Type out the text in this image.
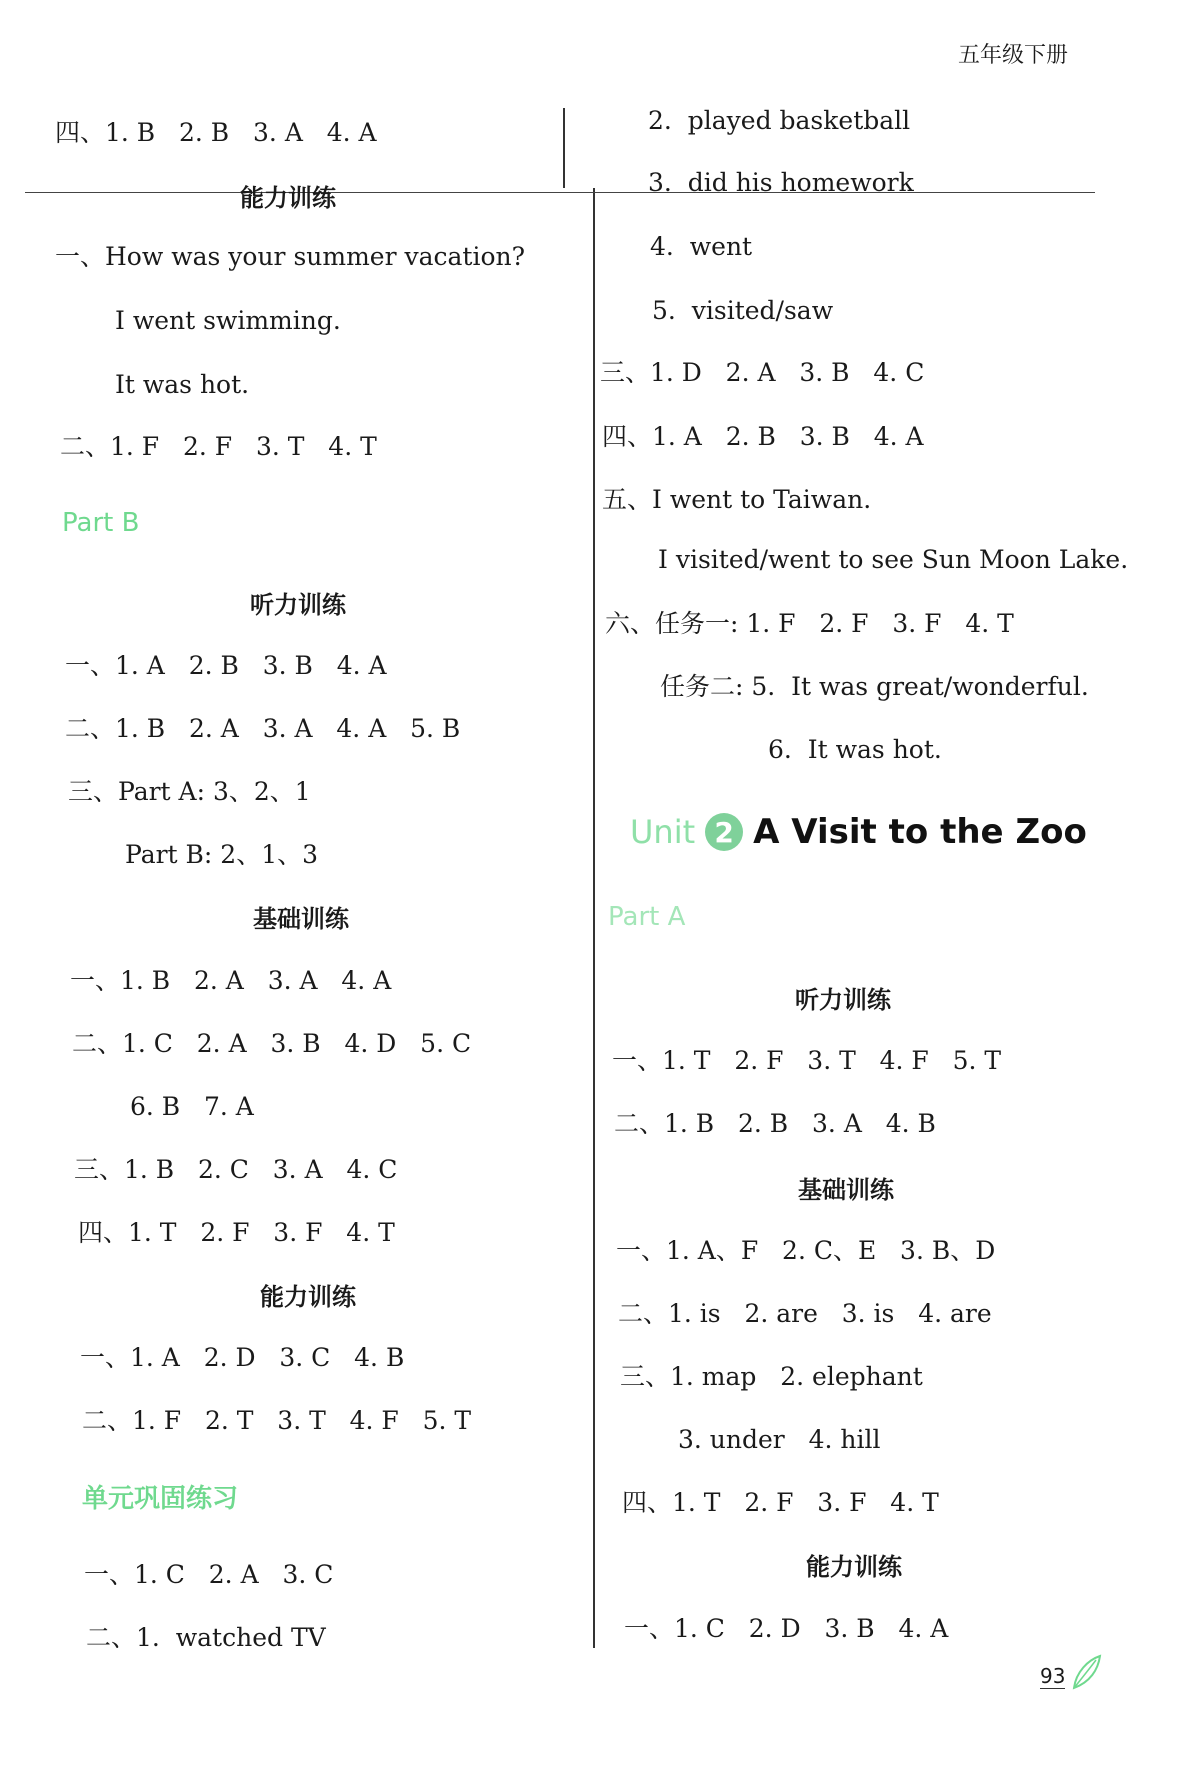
五年级下册
四、1. B   2. B   3. A   4. A
能力训练
一、How was your summer vacation?
I went swimming.
It was hot.
二、1. F   2. F   3. T   4. T
Part B
听力训练
一、1. A   2. B   3. B   4. A
二、1. B   2. A   3. A   4. A   5. B
三、Part A: 3、2、1
Part B: 2、1、3
基础训练
一、1. B   2. A   3. A   4. A
二、1. C   2. A   3. B   4. D   5. C
6. B   7. A
三、1. B   2. C   3. A   4. C
四、1. T   2. F   3. F   4. T
能力训练
一、1. A   2. D   3. C   4. B
二、1. F   2. T   3. T   4. F   5. T
单元巩固练习
一、1. C   2. A   3. C
二、1.  watched TV
2.  played basketball
3.  did his homework
4.  went
5.  visited/saw
三、1. D   2. A   3. B   4. C
四、1. A   2. B   3. B   4. A
五、I went to Taiwan.
I visited/went to see Sun Moon Lake.
六、任务一: 1. F   2. F   3. F   4. T
任务二: 5.  It was great/wonderful.
6.  It was hot.
Unit 2 A Visit to the Zoo
Part A
听力训练
一、1. T   2. F   3. T   4. F   5. T
二、1. B   2. B   3. A   4. B
基础训练
一、1. A、F   2. C、E   3. B、D
二、1. is   2. are   3. is   4. are
三、1. map   2. elephant
3. under   4. hill
四、1. T   2. F   3. F   4. T
能力训练
一、1. C   2. D   3. B   4. A
93
